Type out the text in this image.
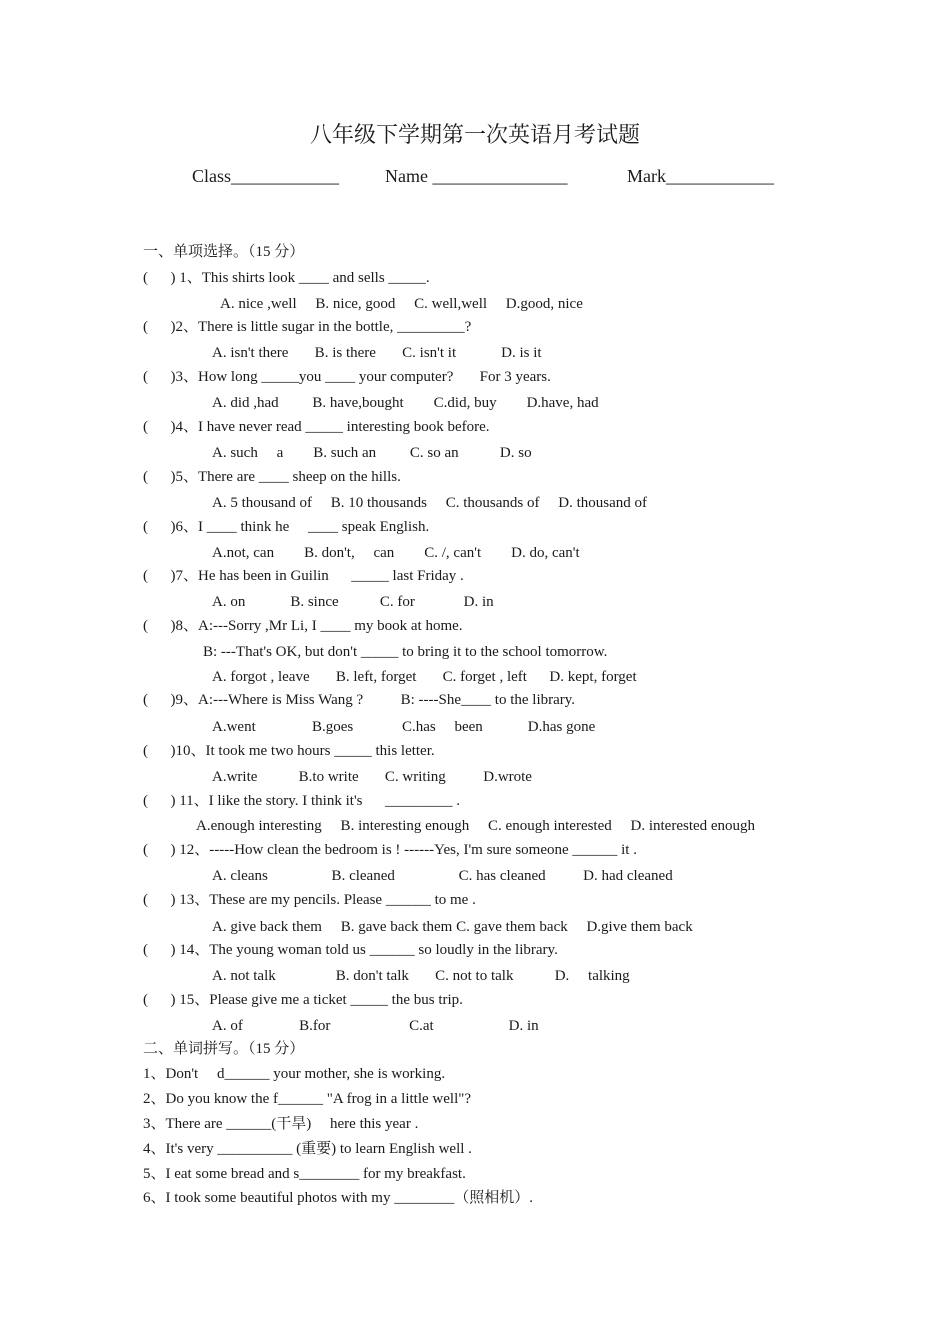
八年级下学期第一次英语月考试题
Class____________	Name _______________	Mark____________
一、单项选择。（15 分）
(      ) 1、This shirts look ____ and sells _____.
A. nice ,well     B. nice, good     C. well,well     D.good, nice
(      )2、There is little sugar in the bottle, _________?
A. isn't there       B. is there       C. isn't it            D. is it
(      )3、How long _____you ____ your computer?       For 3 years.
A. did ,had         B. have,bought        C.did, buy        D.have, had
(      )4、I have never read _____ interesting book before.
A. such     a        B. such an         C. so an           D. so
(      )5、There are ____ sheep on the hills.
A. 5 thousand of     B. 10 thousands     C. thousands of     D. thousand of
(      )6、I ____ think he     ____ speak English.
A.not, can        B. don't,     can        C. /, can't        D. do, can't
(      )7、He has been in Guilin      _____ last Friday .
A. on            B. since           C. for             D. in
(      )8、A:---Sorry ,Mr Li, I ____ my book at home.
B: ---That's OK, but don't _____ to bring it to the school tomorrow.
A. forgot , leave       B. left, forget       C. forget , left      D. kept, forget
(      )9、A:---Where is Miss Wang ?          B: ----She____ to the library.
A.went               B.goes             C.has     been            D.has gone
(      )10、It took me two hours _____ this letter.
A.write           B.to write       C. writing          D.wrote
(      ) 11、I like the story. I think it's      _________ .
A.enough interesting     B. interesting enough     C. enough interested     D. interested enough
(      ) 12、-----How clean the bedroom is ! ------Yes, I'm sure someone ______ it .
A. cleans                 B. cleaned                 C. has cleaned          D. had cleaned
(      ) 13、These are my pencils. Please ______ to me .
A. give back them     B. gave back them C. gave them back     D.give them back
(      ) 14、The young woman told us ______ so loudly in the library.
A. not talk                B. don't talk       C. not to talk           D.     talking
(      ) 15、Please give me a ticket _____ the bus trip.
A. of               B.for                     C.at                    D. in
二、单词拼写。（15 分）
1、Don't     d______ your mother, she is working.
2、Do you know the f______ "A frog in a little well"?
3、There are ______(干旱)     here this year .
4、It's very __________ (重要) to learn English well .
5、I eat some bread and s________ for my breakfast.
6、I took some beautiful photos with my ________（照相机）.
